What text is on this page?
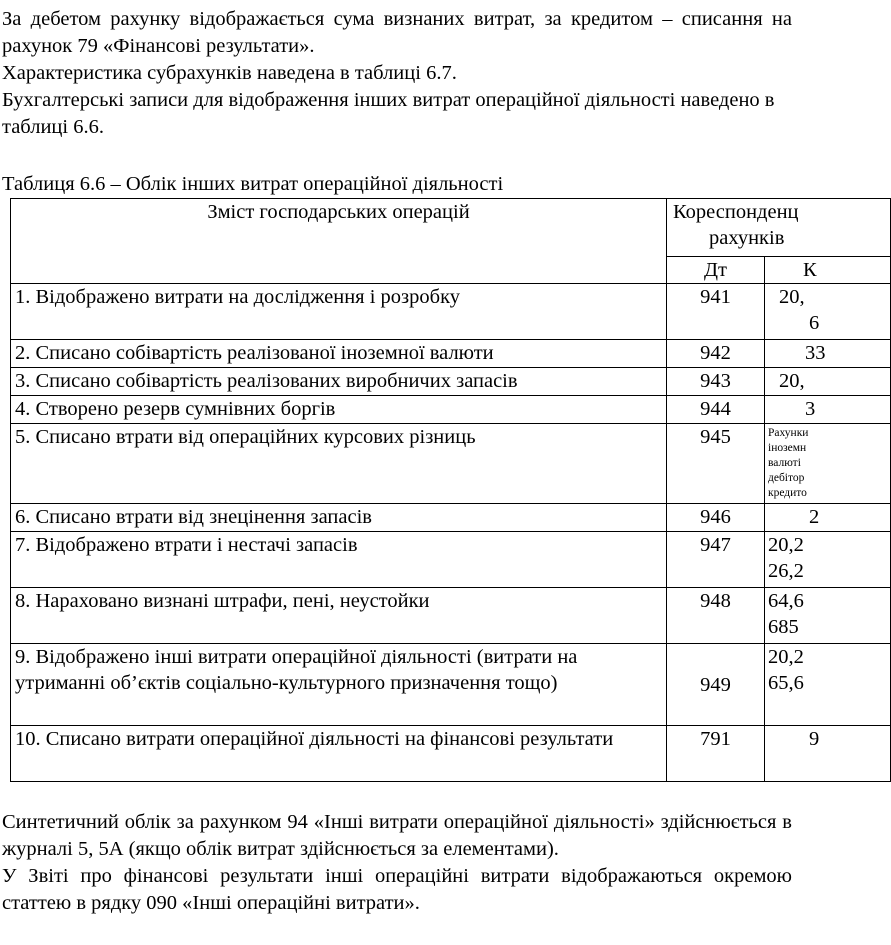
За дебетом рахунку відображається сума визнаних витрат, за кредитом – списання на рахунок 79 «Фінансові результати».

Характеристика субрахунків наведена в таблиці 6.7.

Бухгалтерські записи для відображення інших витрат операційної діяльності наведено в таблиці 6.6.

Таблиця 6.6 – Облік інших витрат операційної діяльності

Зміст господарських операцій	Кореспонденц
рахунків	

	Дт	К
1. Відображено витрати на дослідження і розробку	941	20,
6

2. Списано собівартість реалізованої іноземної валюти	942	33
3. Списано собівартість реалізованих виробничих запасів	943	20,
4. Створено резерв сумнівних боргів	944	3
5. Списано втрати від операційних курсових різниць	945	Рахунки
іноземн
валюті
дебітор
кредито

6. Списано втрати від знецінення запасів	946	2
7. Відображено втрати і нестачі запасів	947	20,2
26,2

8. Нараховано визнані штрафи, пені, неустойки	948	64,6
685

9. Відображено інші витрати операційної діяльності (витрати на утриманні об’єктів соціально-культурного призначення тощо)	949	20,2
65,6

10. Списано витрати операційної діяльності на фінансові результати	791	9

Синтетичний облік за рахунком 94 «Інші витрати операційної діяльності» здійснюється в журналі 5, 5А (якщо облік витрат здійснюється за елементами).

У Звіті про фінансові результати інші операційні витрати відображаються окремою статтею в рядку 090 «Інші операційні витрати».
